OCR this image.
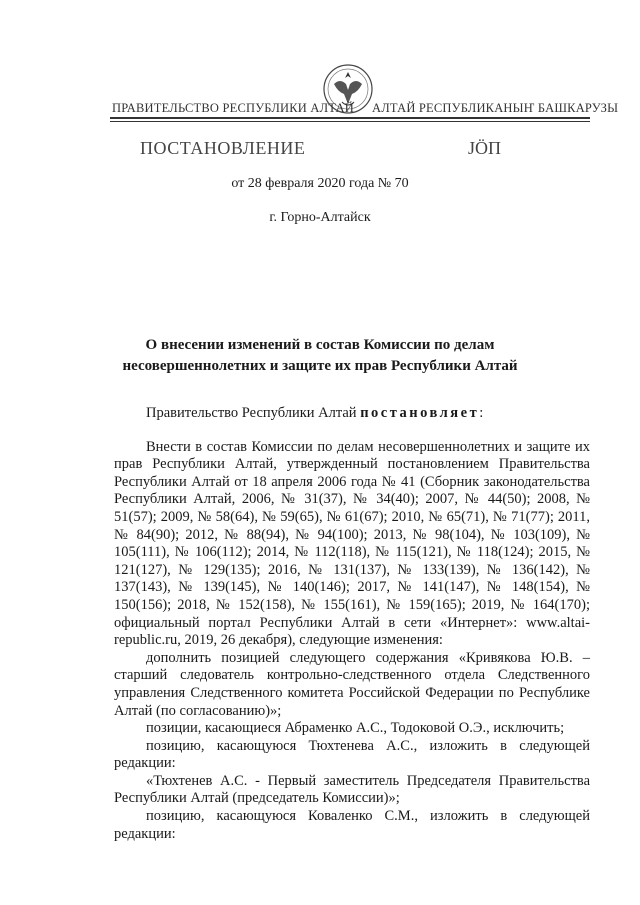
ПРАВИТЕЛЬСТВО РЕСПУБЛИКИ АЛТАЙ АЛТАЙ РЕСПУБЛИКАНЫҤ БАШКАРУЗЫ
ПОСТАНОВЛЕНИЕ	ЈӦП
от 28 февраля 2020 года № 70
г. Горно-Алтайск
О внесении изменений в состав Комиссии по делам
несовершеннолетних и защите их прав Республики Алтай

Правительство Республики Алтай постановляет:

Внести в состав Комиссии по делам несовершеннолетних и защите их прав Республики Алтай, утвержденный постановлением Правительства Республики Алтай от 18 апреля 2006 года № 41 (Сборник законодательства Республики Алтай, 2006, № 31(37), № 34(40); 2007, № 44(50); 2008, № 51(57); 2009, № 58(64), № 59(65), № 61(67); 2010, № 65(71), № 71(77); 2011, № 84(90); 2012, № 88(94), № 94(100); 2013, № 98(104), № 103(109), № 105(111), № 106(112); 2014, № 112(118), № 115(121), № 118(124); 2015, № 121(127), № 129(135); 2016, № 131(137), № 133(139), № 136(142), № 137(143), № 139(145), № 140(146); 2017, № 141(147), № 148(154), № 150(156); 2018, № 152(158), № 155(161), № 159(165); 2019, № 164(170); официальный портал Республики Алтай в сети «Интернет»: www.altai-republic.ru, 2019, 26 декабря), следующие изменения:

дополнить позицией следующего содержания «Кривякова Ю.В. – старший следователь контрольно-следственного отдела Следственного управления Следственного комитета Российской Федерации по Республике Алтай (по согласованию)»;

позиции, касающиеся Абраменко А.С., Тодоковой О.Э., исключить;

позицию, касающуюся Тюхтенева А.С., изложить в следующей редакции:

«Тюхтенев А.С. - Первый заместитель Председателя Правительства Республики Алтай (председатель Комиссии)»;

позицию, касающуюся Коваленко С.М., изложить в следующей редакции:
